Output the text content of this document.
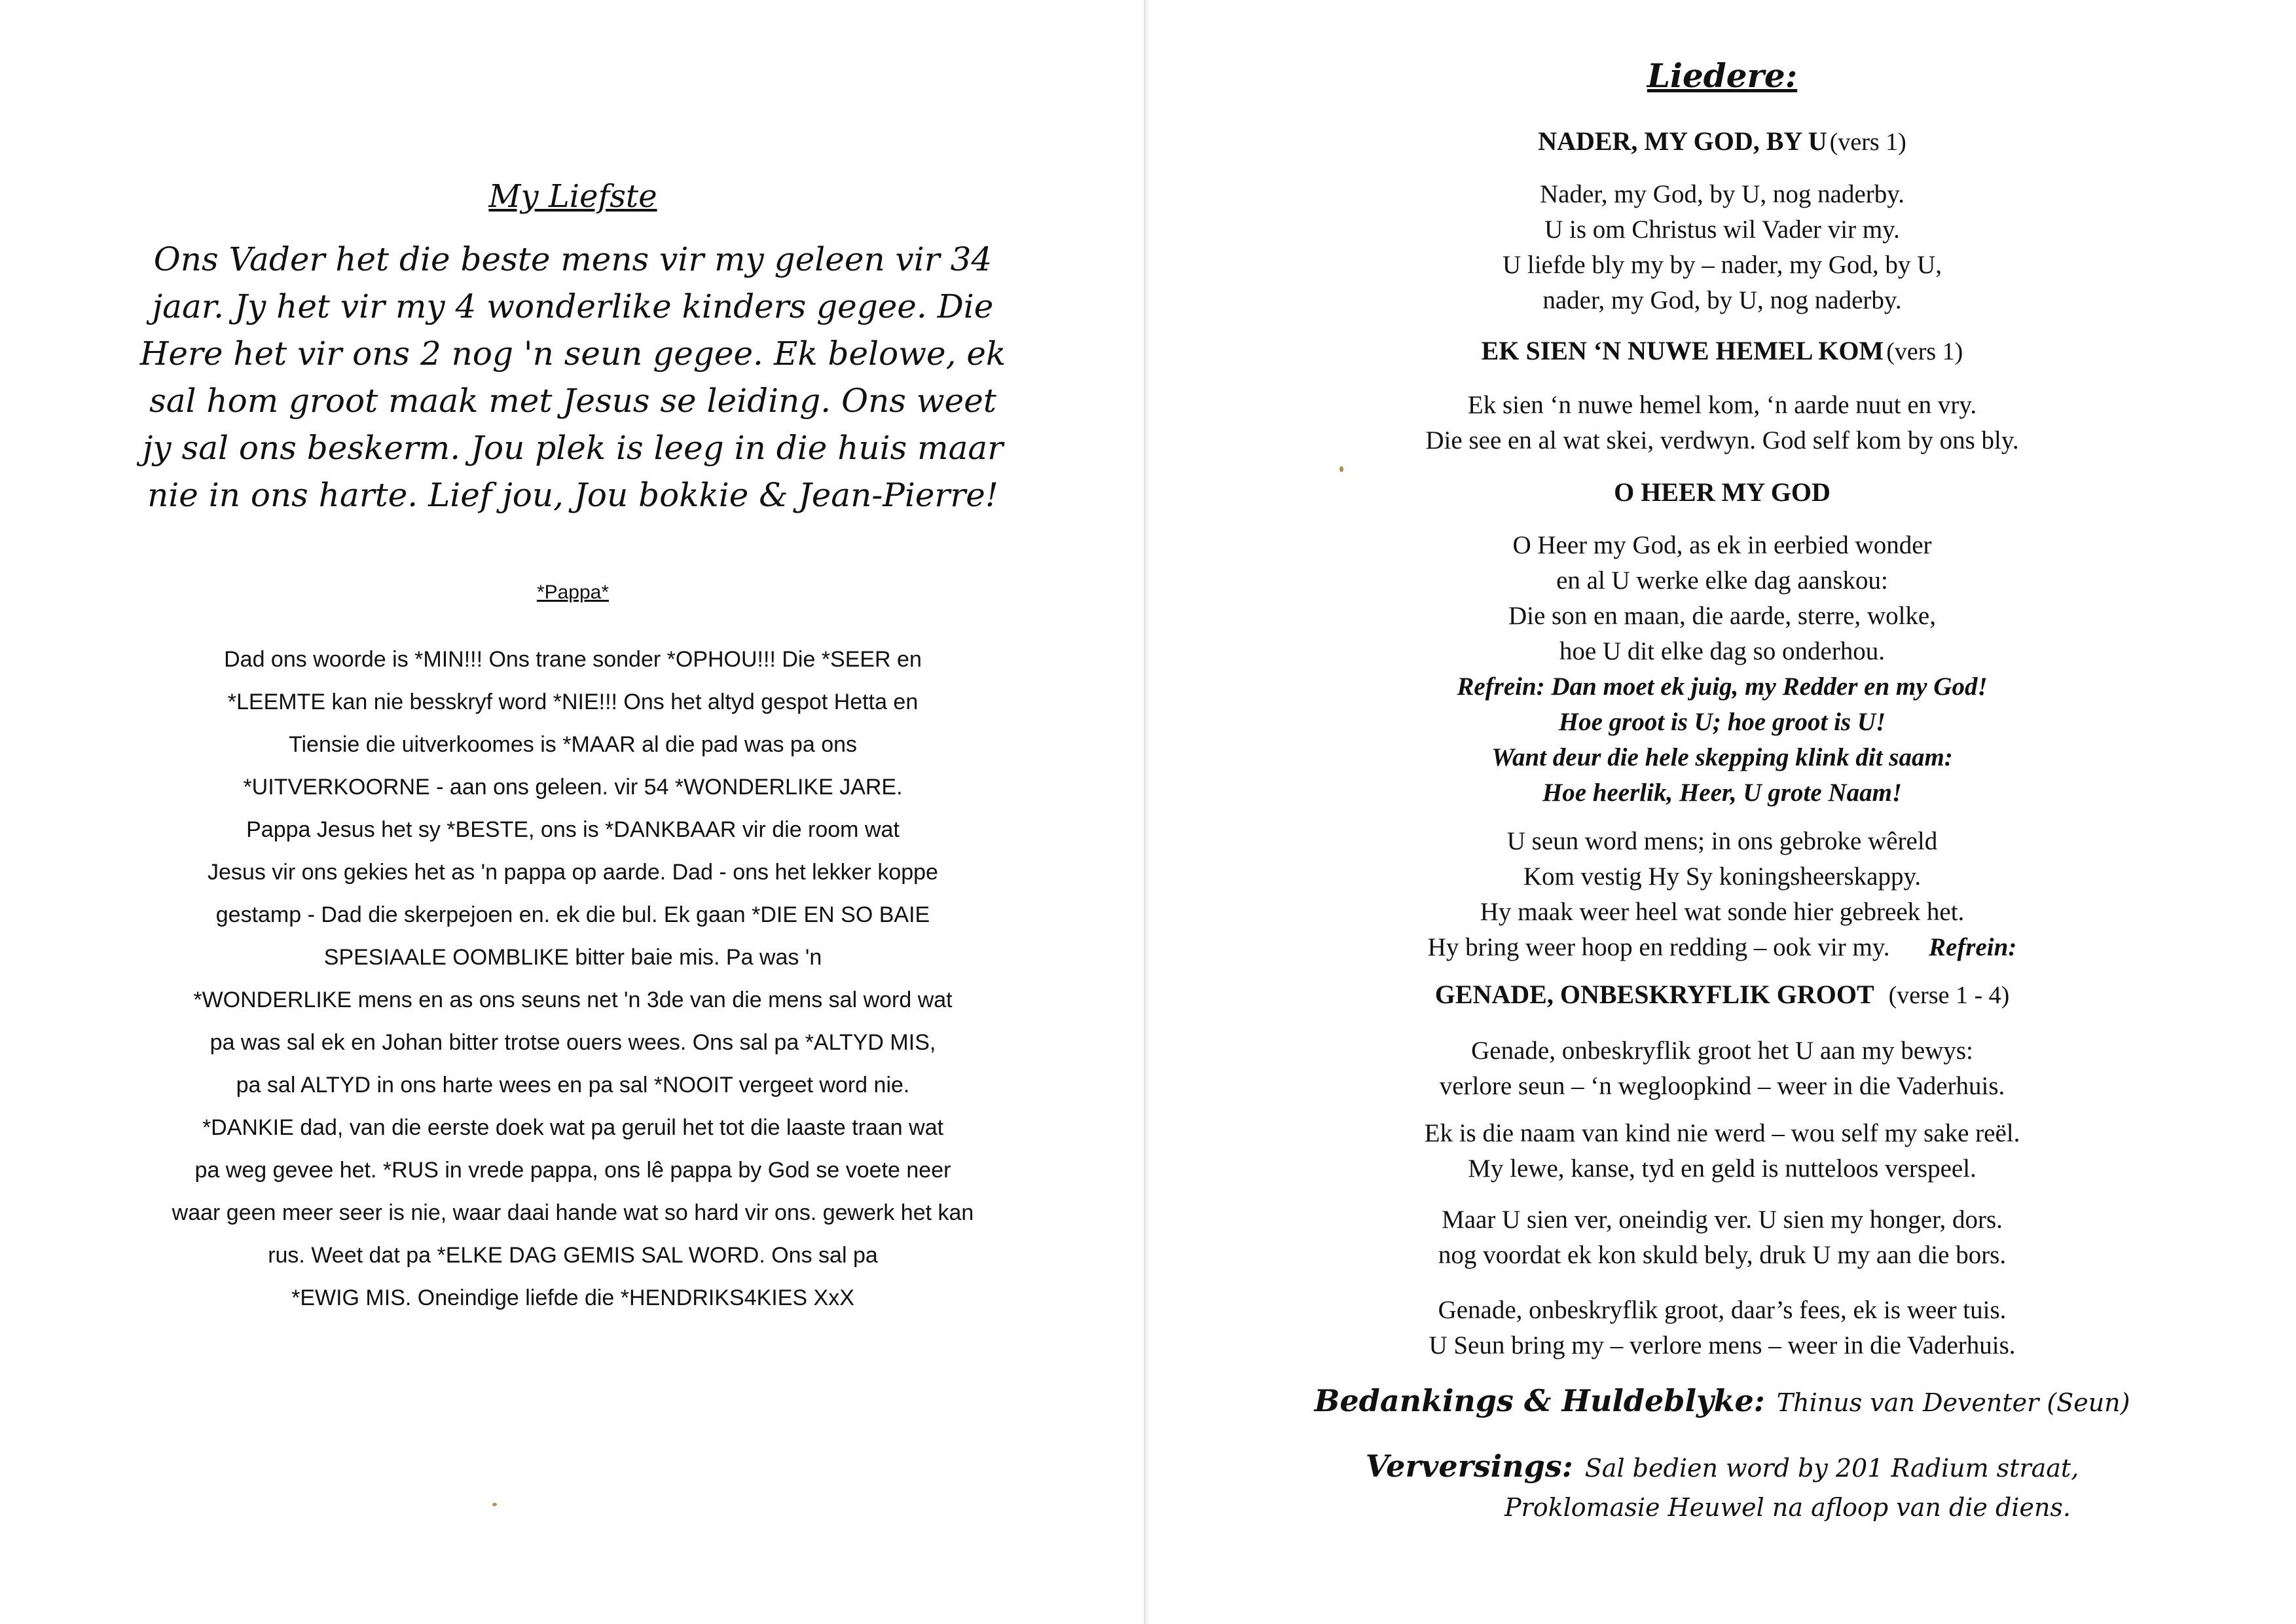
My Liefste
Ons Vader het die beste mens vir my geleen vir 34
jaar. Jy het vir my 4 wonderlike kinders gegee. Die
Here het vir ons 2 nog 'n seun gegee. Ek belowe, ek
sal hom groot maak met Jesus se leiding. Ons weet
jy sal ons beskerm. Jou plek is leeg in die huis maar
nie in ons harte. Lief jou, Jou bokkie & Jean-Pierre!
*Pappa*
Dad ons woorde is *MIN!!! Ons trane sonder *OPHOU!!! Die *SEER en
*LEEMTE kan nie besskryf word *NIE!!! Ons het altyd gespot Hetta en
Tiensie die uitverkoomes is *MAAR al die pad was pa ons
*UITVERKOORNE - aan ons geleen. vir 54 *WONDERLIKE JARE.
Pappa Jesus het sy *BESTE, ons is *DANKBAAR vir die room wat
Jesus vir ons gekies het as 'n pappa op aarde. Dad - ons het lekker koppe
gestamp - Dad die skerpejoen en. ek die bul. Ek gaan *DIE EN SO BAIE
SPESIAALE OOMBLIKE bitter baie mis. Pa was 'n
*WONDERLIKE mens en as ons seuns net 'n 3de van die mens sal word wat
pa was sal ek en Johan bitter trotse ouers wees. Ons sal pa *ALTYD MIS,
pa sal ALTYD in ons harte wees en pa sal *NOOIT vergeet word nie.
*DANKIE dad, van die eerste doek wat pa geruil het tot die laaste traan wat
pa weg gevee het. *RUS in vrede pappa, ons lê pappa by God se voete neer
waar geen meer seer is nie, waar daai hande wat so hard vir ons. gewerk het kan
rus. Weet dat pa *ELKE DAG GEMIS SAL WORD. Ons sal pa
*EWIG MIS. Oneindige liefde die *HENDRIKS4KIES XxX
Liedere:
NADER, MY GOD, BY U (vers 1)
Nader, my God, by U, nog naderby.
U is om Christus wil Vader vir my.
U liefde bly my by – nader, my God, by U,
nader, my God, by U, nog naderby.
EK SIEN ‘N NUWE HEMEL KOM (vers 1)
Ek sien ‘n nuwe hemel kom, ‘n aarde nuut en vry.
Die see en al wat skei, verdwyn. God self kom by ons bly.
O HEER MY GOD
O Heer my God, as ek in eerbied wonder
en al U werke elke dag aanskou:
Die son en maan, die aarde, sterre, wolke,
hoe U dit elke dag so onderhou.
Refrein: Dan moet ek juig, my Redder en my God!
Hoe groot is U; hoe groot is U!
Want deur die hele skepping klink dit saam:
Hoe heerlik, Heer, U grote Naam!
U seun word mens; in ons gebroke wêreld
Kom vestig Hy Sy koningsheerskappy.
Hy maak weer heel wat sonde hier gebreek het.
Hy bring weer hoop en redding – ook vir my. Refrein:
GENADE, ONBESKRYFLIK GROOT (verse 1 - 4)
Genade, onbeskryflik groot het U aan my bewys:
verlore seun – ‘n wegloopkind – weer in die Vaderhuis.
Ek is die naam van kind nie werd – wou self my sake reël.
My lewe, kanse, tyd en geld is nutteloos verspeel.
Maar U sien ver, oneindig ver. U sien my honger, dors.
nog voordat ek kon skuld bely, druk U my aan die bors.
Genade, onbeskryflik groot, daar’s fees, ek is weer tuis.
U Seun bring my – verlore mens – weer in die Vaderhuis.
Bedankings & Huldeblyke: Thinus van Deventer (Seun)
Verversings: Sal bedien word by 201 Radium straat,
Proklomasie Heuwel na afloop van die diens.
